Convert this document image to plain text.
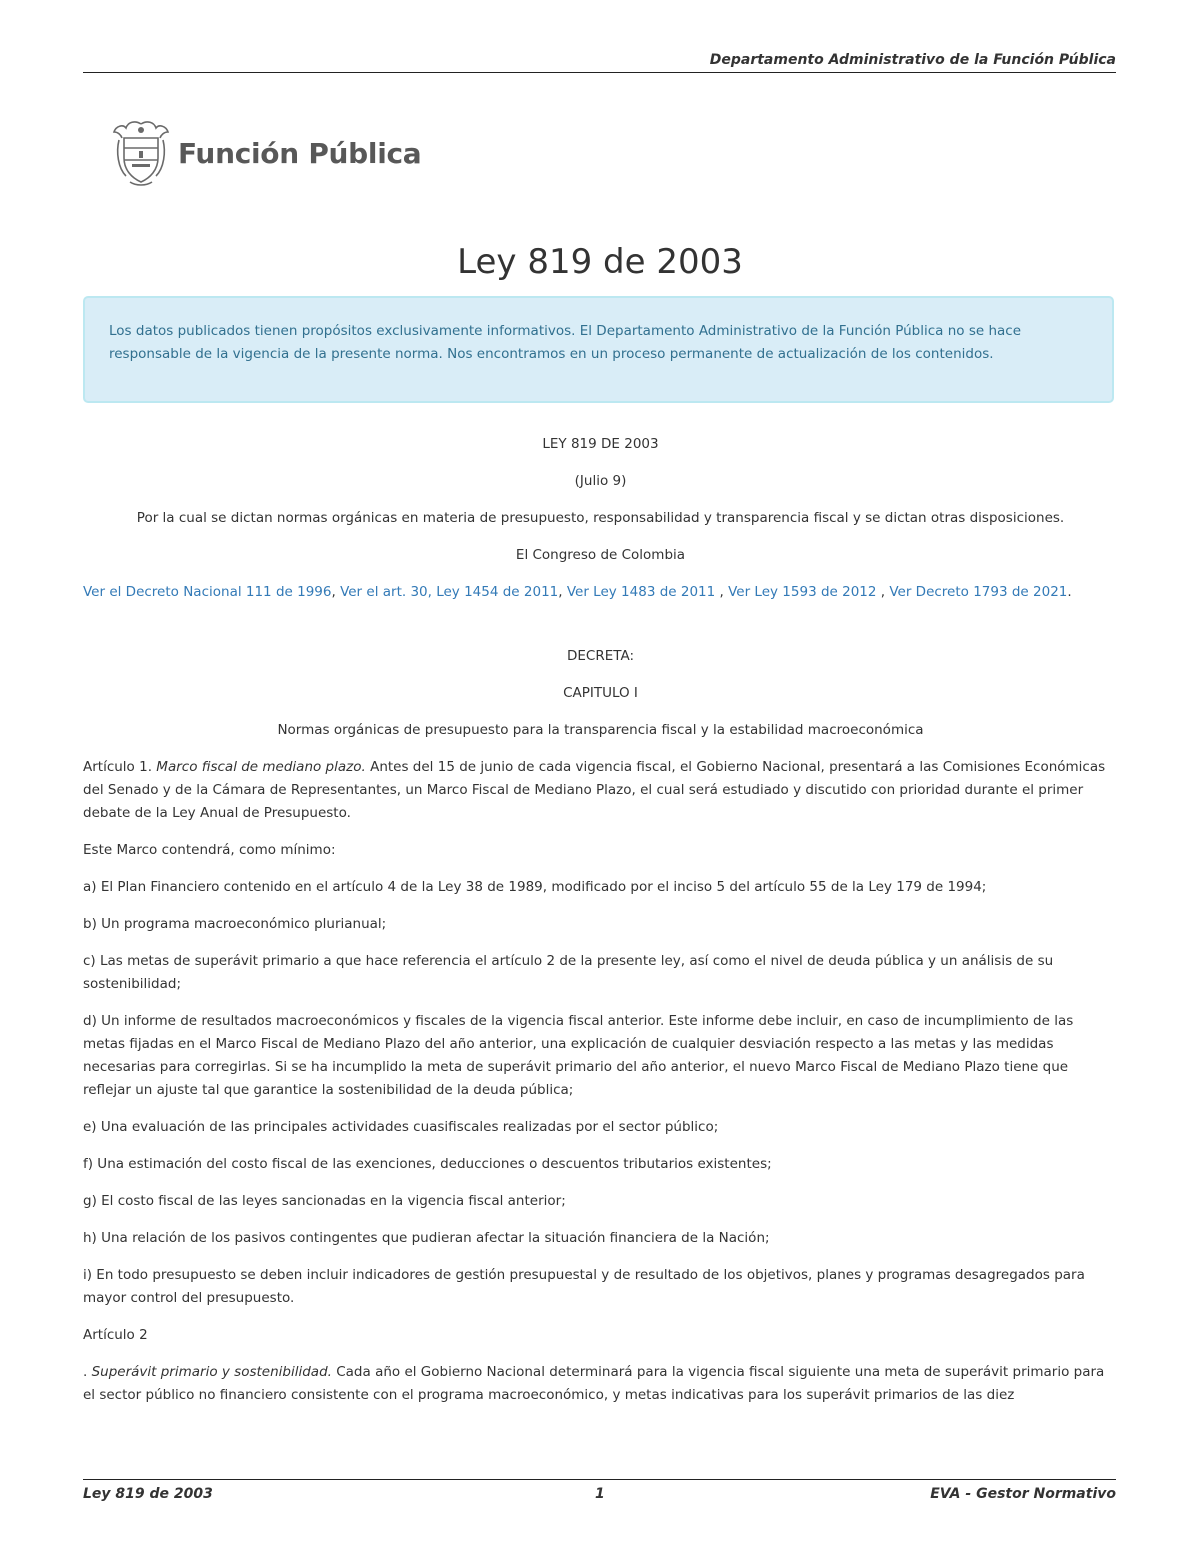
Departamento Administrativo de la Función Pública
Función Pública
Ley 819 de 2003
Los datos publicados tienen propósitos exclusivamente informativos. El Departamento Administrativo de la Función Pública no se hace responsable de la vigencia de la presente norma. Nos encontramos en un proceso permanente de actualización de los contenidos.

LEY 819 DE 2003

(Julio 9)

Por la cual se dictan normas orgánicas en materia de presupuesto, responsabilidad y transparencia fiscal y se dictan otras disposiciones.

El Congreso de Colombia

Ver el Decreto Nacional 111 de 1996, Ver el art. 30, Ley 1454 de 2011, Ver Ley 1483 de 2011 , Ver Ley 1593 de 2012 , Ver Decreto 1793 de 2021.

DECRETA:

CAPITULO I

Normas orgánicas de presupuesto para la transparencia fiscal y la estabilidad macroeconómica

Artículo 1. Marco fiscal de mediano plazo. Antes del 15 de junio de cada vigencia fiscal, el Gobierno Nacional, presentará a las Comisiones Económicas del Senado y de la Cámara de Representantes, un Marco Fiscal de Mediano Plazo, el cual será estudiado y discutido con prioridad durante el primer debate de la Ley Anual de Presupuesto.

Este Marco contendrá, como mínimo:

a) El Plan Financiero contenido en el artículo 4 de la Ley 38 de 1989, modificado por el inciso 5 del artículo 55 de la Ley 179 de 1994;

b) Un programa macroeconómico plurianual;

c) Las metas de superávit primario a que hace referencia el artículo 2 de la presente ley, así como el nivel de deuda pública y un análisis de su sostenibilidad;

d) Un informe de resultados macroeconómicos y fiscales de la vigencia fiscal anterior. Este informe debe incluir, en caso de incumplimiento de las metas fijadas en el Marco Fiscal de Mediano Plazo del año anterior, una explicación de cualquier desviación respecto a las metas y las medidas necesarias para corregirlas. Si se ha incumplido la meta de superávit primario del año anterior, el nuevo Marco Fiscal de Mediano Plazo tiene que reflejar un ajuste tal que garantice la sostenibilidad de la deuda pública;

e) Una evaluación de las principales actividades cuasifiscales realizadas por el sector público;

f) Una estimación del costo fiscal de las exenciones, deducciones o descuentos tributarios existentes;

g) El costo fiscal de las leyes sancionadas en la vigencia fiscal anterior;

h) Una relación de los pasivos contingentes que pudieran afectar la situación financiera de la Nación;

i) En todo presupuesto se deben incluir indicadores de gestión presupuestal y de resultado de los objetivos, planes y programas desagregados para mayor control del presupuesto.

Artículo 2

. Superávit primario y sostenibilidad. Cada año el Gobierno Nacional determinará para la vigencia fiscal siguiente una meta de superávit primario para el sector público no financiero consistente con el programa macroeconómico, y metas indicativas para los superávit primarios de las diez

Ley 819 de 2003	1	EVA - Gestor Normativo
